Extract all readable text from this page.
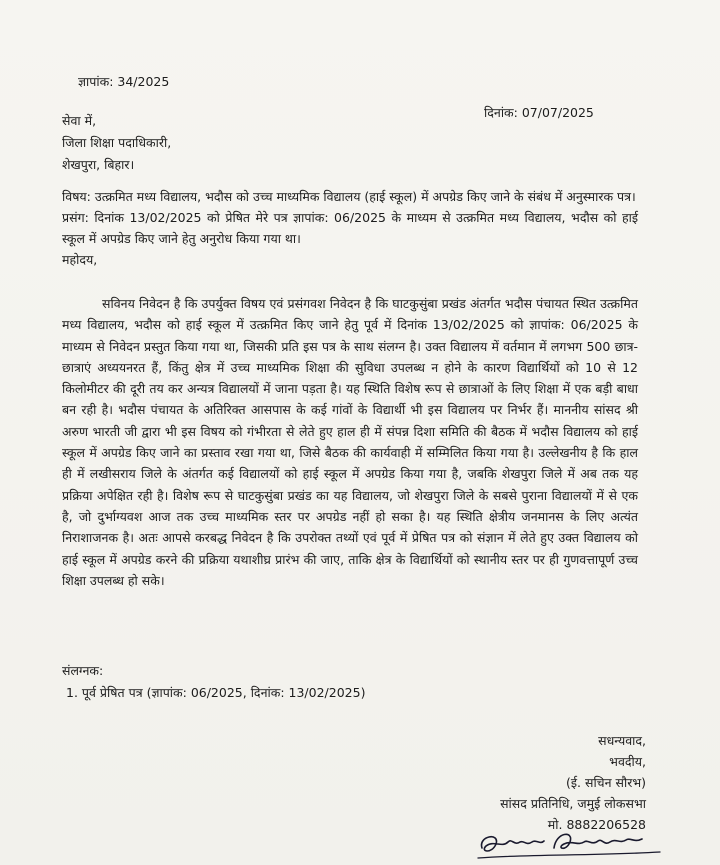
ज्ञापांक: 34/2025
दिनांक: 07/07/2025
सेवा में,
जिला शिक्षा पदाधिकारी,
शेखपुरा, बिहार।
विषय: उत्क्रमित मध्य विद्यालय, भदौस को उच्च माध्यमिक विद्यालय (हाई स्कूल) में अपग्रेड किए जाने के संबंध में अनुस्मारक पत्र।
प्रसंग: दिनांक 13/02/2025 को प्रेषित मेरे पत्र ज्ञापांक: 06/2025 के माध्यम से उत्क्रमित मध्य विद्यालय, भदौस को हाई स्कूल में अपग्रेड किए जाने हेतु अनुरोध किया गया था।
महोदय,

सविनय निवेदन है कि उपर्युक्त विषय एवं प्रसंगवश निवेदन है कि घाटकुसुंबा प्रखंड अंतर्गत भदौस पंचायत स्थित उत्क्रमित मध्य विद्यालय, भदौस को हाई स्कूल में उत्क्रमित किए जाने हेतु पूर्व में दिनांक 13/02/2025 को ज्ञापांक: 06/2025 के माध्यम से निवेदन प्रस्तुत किया गया था, जिसकी प्रति इस पत्र के साथ संलग्न है। उक्त विद्यालय में वर्तमान में लगभग 500 छात्र-छात्राएं अध्ययनरत हैं, किंतु क्षेत्र में उच्च माध्यमिक शिक्षा की सुविधा उपलब्ध न होने के कारण विद्यार्थियों को 10 से 12 किलोमीटर की दूरी तय कर अन्यत्र विद्यालयों में जाना पड़ता है। यह स्थिति विशेष रूप से छात्राओं के लिए शिक्षा में एक बड़ी बाधा बन रही है। भदौस पंचायत के अतिरिक्त आसपास के कई गांवों के विद्यार्थी भी इस विद्यालय पर निर्भर हैं। माननीय सांसद श्री अरुण भारती जी द्वारा भी इस विषय को गंभीरता से लेते हुए हाल ही में संपन्न दिशा समिति की बैठक में भदौस विद्यालय को हाई स्कूल में अपग्रेड किए जाने का प्रस्ताव रखा गया था, जिसे बैठक की कार्यवाही में सम्मिलित किया गया है। उल्लेखनीय है कि हाल ही में लखीसराय जिले के अंतर्गत कई विद्यालयों को हाई स्कूल में अपग्रेड किया गया है, जबकि शेखपुरा जिले में अब तक यह प्रक्रिया अपेक्षित रही है। विशेष रूप से घाटकुसुंबा प्रखंड का यह विद्यालय, जो शेखपुरा जिले के सबसे पुराना विद्यालयों में से एक है, जो दुर्भाग्यवश आज तक उच्च माध्यमिक स्तर पर अपग्रेड नहीं हो सका है। यह स्थिति क्षेत्रीय जनमानस के लिए अत्यंत निराशाजनक है। अतः आपसे करबद्ध निवेदन है कि उपरोक्त तथ्यों एवं पूर्व में प्रेषित पत्र को संज्ञान में लेते हुए उक्त विद्यालय को हाई स्कूल में अपग्रेड करने की प्रक्रिया यथाशीघ्र प्रारंभ की जाए, ताकि क्षेत्र के विद्यार्थियों को स्थानीय स्तर पर ही गुणवत्तापूर्ण उच्च शिक्षा उपलब्ध हो सके।

संलग्नक:
1. पूर्व प्रेषित पत्र (ज्ञापांक: 06/2025, दिनांक: 13/02/2025)
सधन्यवाद,
भवदीय,
(ई. सचिन सौरभ)
सांसद प्रतिनिधि, जमुई लोकसभा
मो. 8882206528
